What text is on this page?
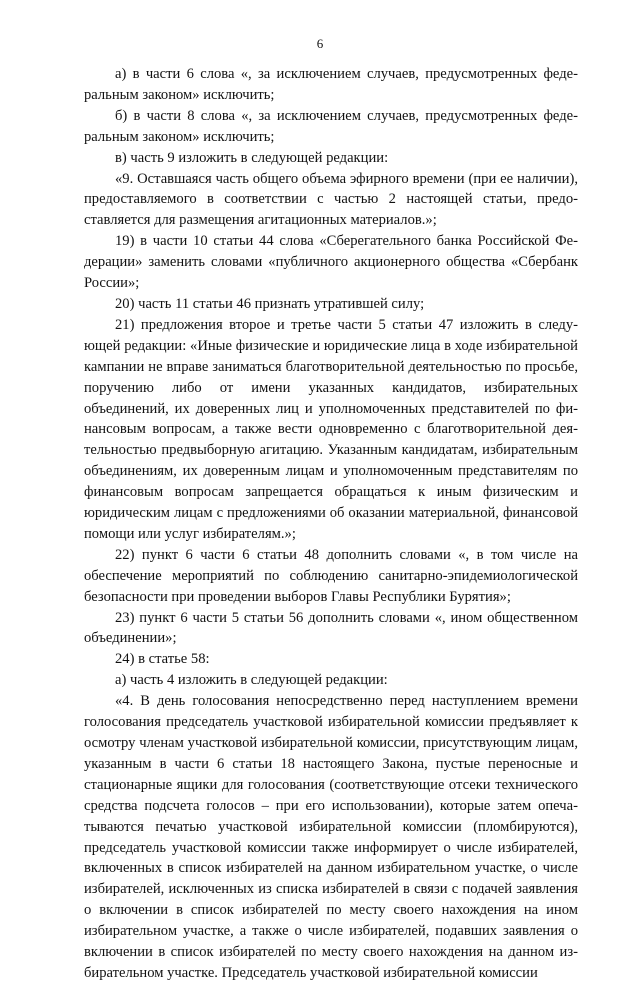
6

а) в части 6 слова «, за исключением случаев, предусмотренных федеральным законом» исключить;

б) в части 8 слова «, за исключением случаев, предусмотренных федеральным законом» исключить;

в) часть 9 изложить в следующей редакции:

«9. Оставшаяся часть общего объема эфирного времени (при ее наличии), предоставляемого в соответствии с частью 2 настоящей статьи, предоставляется для размещения агитационных материалов.»;

19) в части 10 статьи 44 слова «Сберегательного банка Российской Федерации» заменить словами «публичного акционерного общества «Сбербанк России»;

20) часть 11 статьи 46 признать утратившей силу;

21) предложения второе и третье части 5 статьи 47 изложить в следующей редакции: «Иные физические и юридические лица в ходе избирательной кампании не вправе заниматься благотворительной деятельностью по просьбе, поручению либо от имени указанных кандидатов, избирательных объединений, их доверенных лиц и уполномоченных представителей по финансовым вопросам, а также вести одновременно с благотворительной деятельностью предвыборную агитацию. Указанным кандидатам, избирательным объединениям, их доверенным лицам и уполномоченным представителям по финансовым вопросам запрещается обращаться к иным физическим и юридическим лицам с предложениями об оказании материальной, финансовой помощи или услуг избирателям.»;

22) пункт 6 части 6 статьи 48 дополнить словами «, в том числе на обеспечение мероприятий по соблюдению санитарно-эпидемиологической безопасности при проведении выборов Главы Республики Бурятия»;

23) пункт 6 части 5 статьи 56 дополнить словами «, ином общественном объединении»;

24) в статье 58:

а) часть 4 изложить в следующей редакции:

«4. В день голосования непосредственно перед наступлением времени голосования председатель участковой избирательной комиссии предъявляет к осмотру членам участковой избирательной комиссии, присутствующим лицам, указанным в части 6 статьи 18 настоящего Закона, пустые переносные и стационарные ящики для голосования (соответствующие отсеки технического средства подсчета голосов – при его использовании), которые затем опечатываются печатью участковой избирательной комиссии (пломбируются), председатель участковой комиссии также информирует о числе избирателей, включенных в список избирателей на данном избирательном участке, о числе избирателей, исключенных из списка избирателей в связи с подачей заявления о включении в список избирателей по месту своего нахождения на ином избирательном участке, а также о числе избирателей, подавших заявления о включении в список избирателей по месту своего нахождения на данном избирательном участке. Председатель участковой избирательной комиссии
